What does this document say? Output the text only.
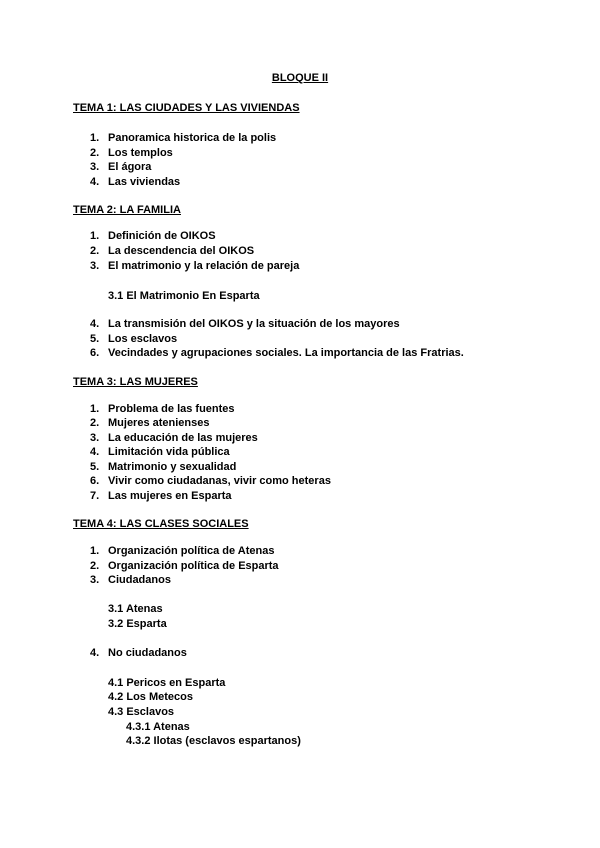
BLOQUE II
TEMA 1: LAS CIUDADES Y LAS VIVIENDAS
1. Panoramica historica de la polis
2. Los templos
3. El ágora
4. Las viviendas
TEMA 2: LA FAMILIA
1. Definición de OIKOS
2. La descendencia del OIKOS
3. El matrimonio y la relación de pareja
3.1 El Matrimonio En Esparta
4. La transmisión del OIKOS y la situación de los mayores
5. Los esclavos
6. Vecindades y agrupaciones sociales. La importancia de las Fratrias.
TEMA 3: LAS MUJERES
1. Problema de las fuentes
2. Mujeres atenienses
3. La educación de las mujeres
4. Limitación vida pública
5. Matrimonio y sexualidad
6. Vivir como ciudadanas, vivir como heteras
7. Las mujeres en Esparta
TEMA 4: LAS CLASES SOCIALES
1. Organización política de Atenas
2. Organización política de Esparta
3. Ciudadanos
3.1 Atenas
3.2 Esparta
4. No ciudadanos
4.1 Pericos en Esparta
4.2 Los Metecos
4.3 Esclavos
4.3.1 Atenas
4.3.2 Ilotas (esclavos espartanos)
